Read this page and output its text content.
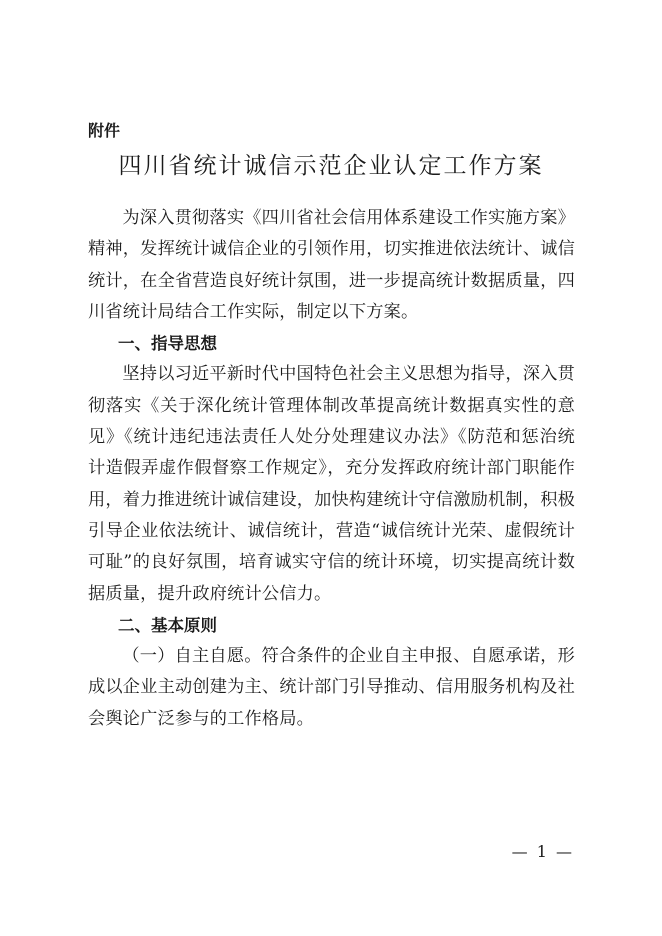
附件
四川省统计诚信示范企业认定工作方案

为深入贯彻落实《四川省社会信用体系建设工作实施方案》精神，发挥统计诚信企业的引领作用，切实推进依法统计、诚信统计，在全省营造良好统计氛围，进一步提高统计数据质量，四川省统计局结合工作实际，制定以下方案。

一、指导思想

坚持以习近平新时代中国特色社会主义思想为指导，深入贯彻落实《关于深化统计管理体制改革提高统计数据真实性的意见》《统计违纪违法责任人处分处理建议办法》《防范和惩治统计造假弄虚作假督察工作规定》，充分发挥政府统计部门职能作用，着力推进统计诚信建设，加快构建统计守信激励机制，积极引导企业依法统计、诚信统计，营造“诚信统计光荣、虚假统计可耻”的良好氛围，培育诚实守信的统计环境，切实提高统计数据质量，提升政府统计公信力。

二、基本原则

（一）自主自愿。符合条件的企业自主申报、自愿承诺，形成以企业主动创建为主、统计部门引导推动、信用服务机构及社会舆论广泛参与的工作格局。

— 1 —
